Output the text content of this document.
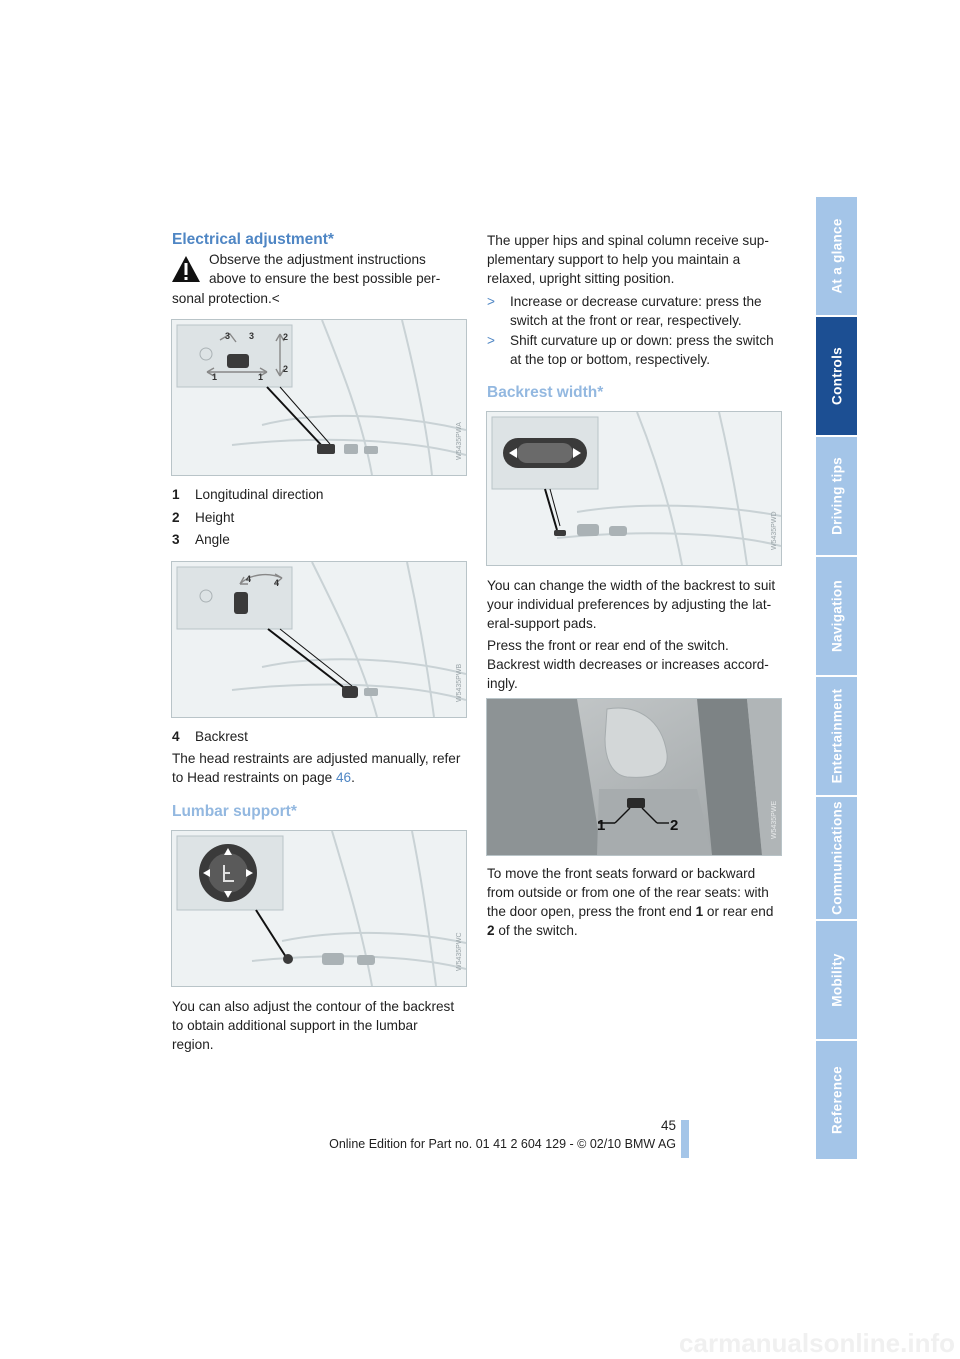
At a glance
Controls
Driving tips
Navigation
Entertainment
Communications
Mobility
Reference
Electrical adjustment*
Observe the adjustment instructions
above to ensure the best possible per-
sonal protection.<
3 3	2
1	1
2
W5435PWA
1 Longitudinal direction
2 Height
3 Angle
4	4
W5435PWB
4 Backrest
The head restraints are adjusted manually, refer
to Head restraints on page 46.
Lumbar support*
W5435PWC
You can also adjust the contour of the backrest
to obtain additional support in the lumbar
region.
The upper hips and spinal column receive sup-
plementary support to help you maintain a
relaxed, upright sitting position.
> Increase or decrease curvature: press the
switch at the front or rear, respectively.
> Shift curvature up or down: press the switch
at the top or bottom, respectively.
Backrest width*
W5435PWD
You can change the width of the backrest to suit
your individual preferences by adjusting the lat-
eral-support pads.
Press the front or rear end of the switch.
Backrest width decreases or increases accord-
ingly.
1	2	W5435PWE
To move the front seats forward or backward
from outside or from one of the rear seats: with
the door open, press the front end 1 or rear end
2 of the switch.
45
Online Edition for Part no. 01 41 2 604 129 - © 02/10 BMW AG
carmanualsonline.info
